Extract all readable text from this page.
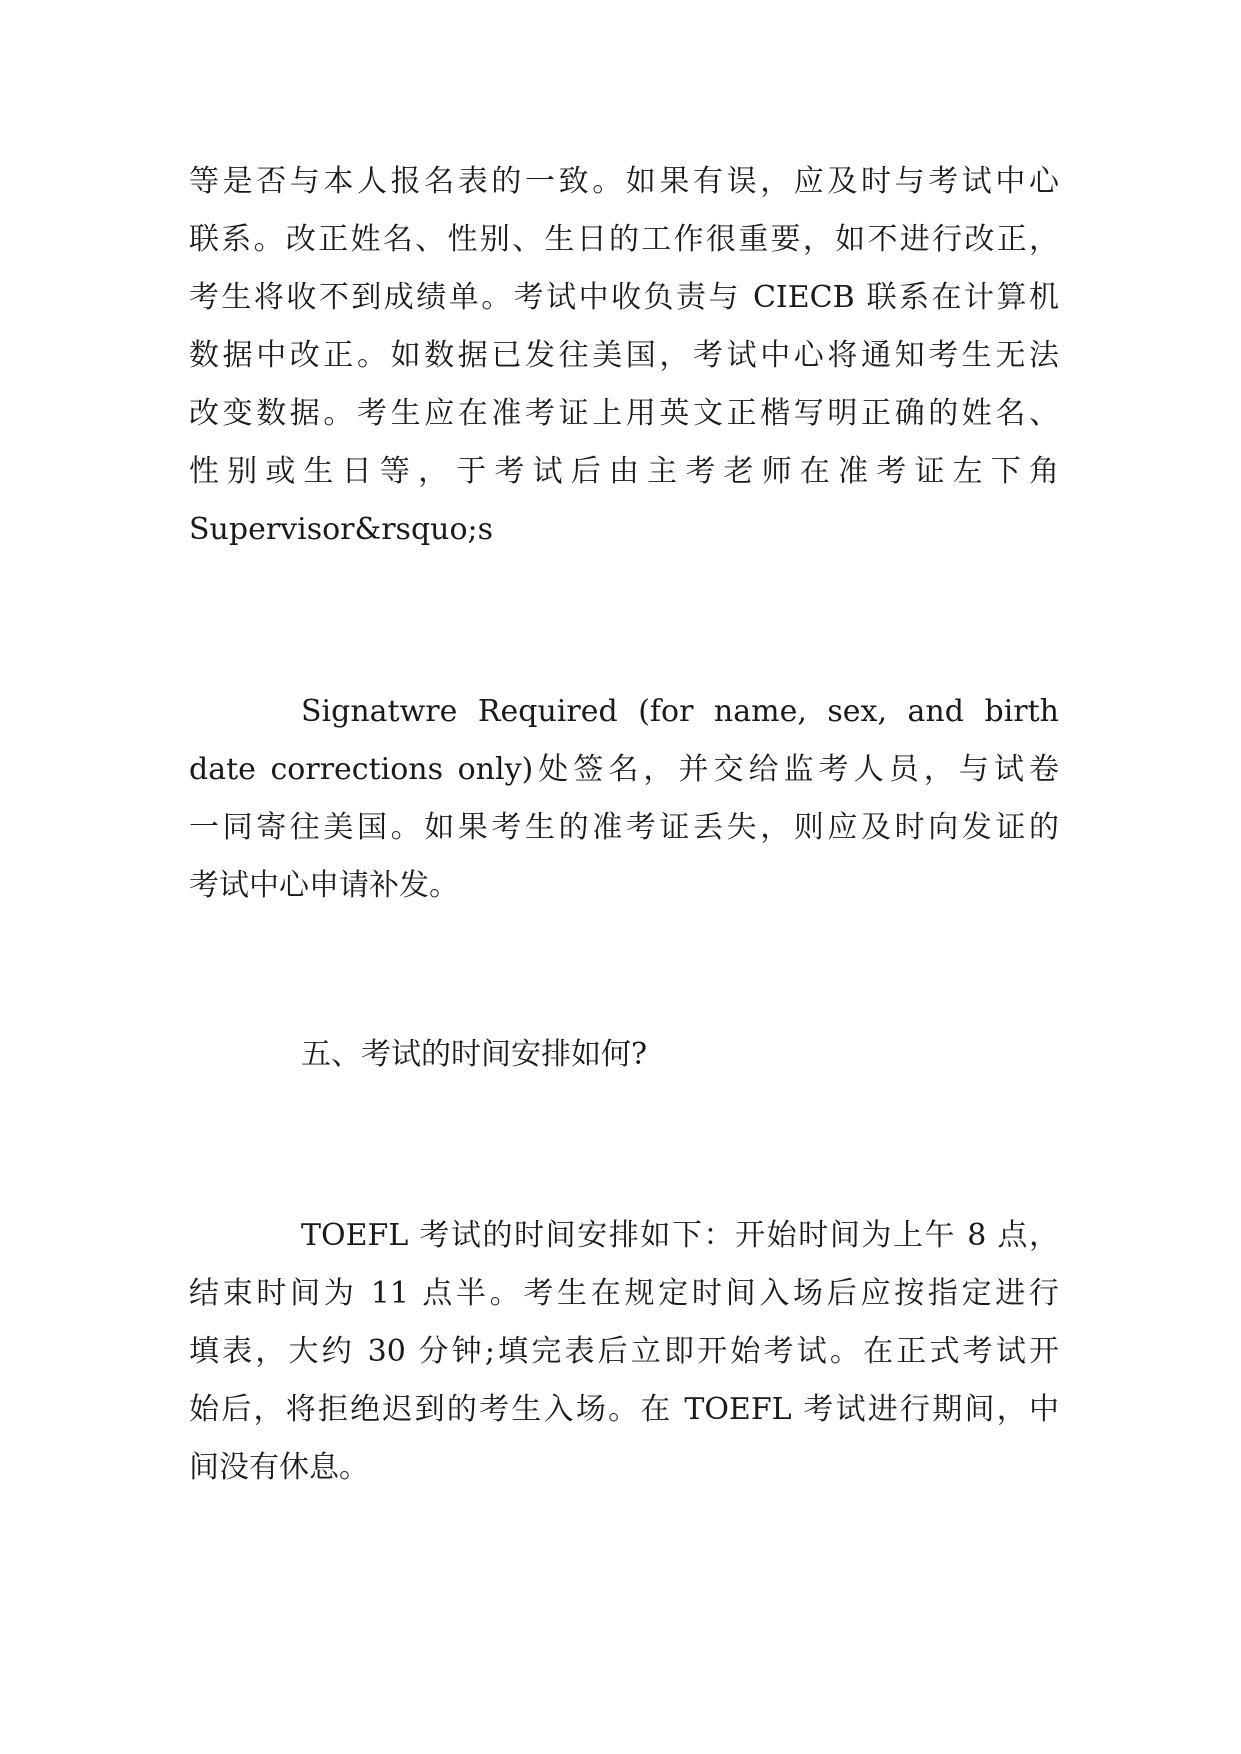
等是否与本人报名表的一致。如果有误，应及时与考试中心
联系。改正姓名、性别、生日的工作很重要，如不进行改正，
考生将收不到成绩单。考试中收负责与 CIECB 联系在计算机
数据中改正。如数据已发往美国，考试中心将通知考生无法
改变数据。考生应在准考证上用英文正楷写明正确的姓名、
性别或生日等，于考试后由主考老师在准考证左下角
Supervisor&rsquo;s
Signatwre Required (for name, sex, and birth
date corrections only)处签名，并交给监考人员，与试卷
一同寄往美国。如果考生的准考证丢失，则应及时向发证的
考试中心申请补发。
五、考试的时间安排如何?
TOEFL 考试的时间安排如下：开始时间为上午 8 点，
结束时间为 11 点半。考生在规定时间入场后应按指定进行
填表，大约 30 分钟;填完表后立即开始考试。在正式考试开
始后，将拒绝迟到的考生入场。在 TOEFL 考试进行期间，中
间没有休息。
